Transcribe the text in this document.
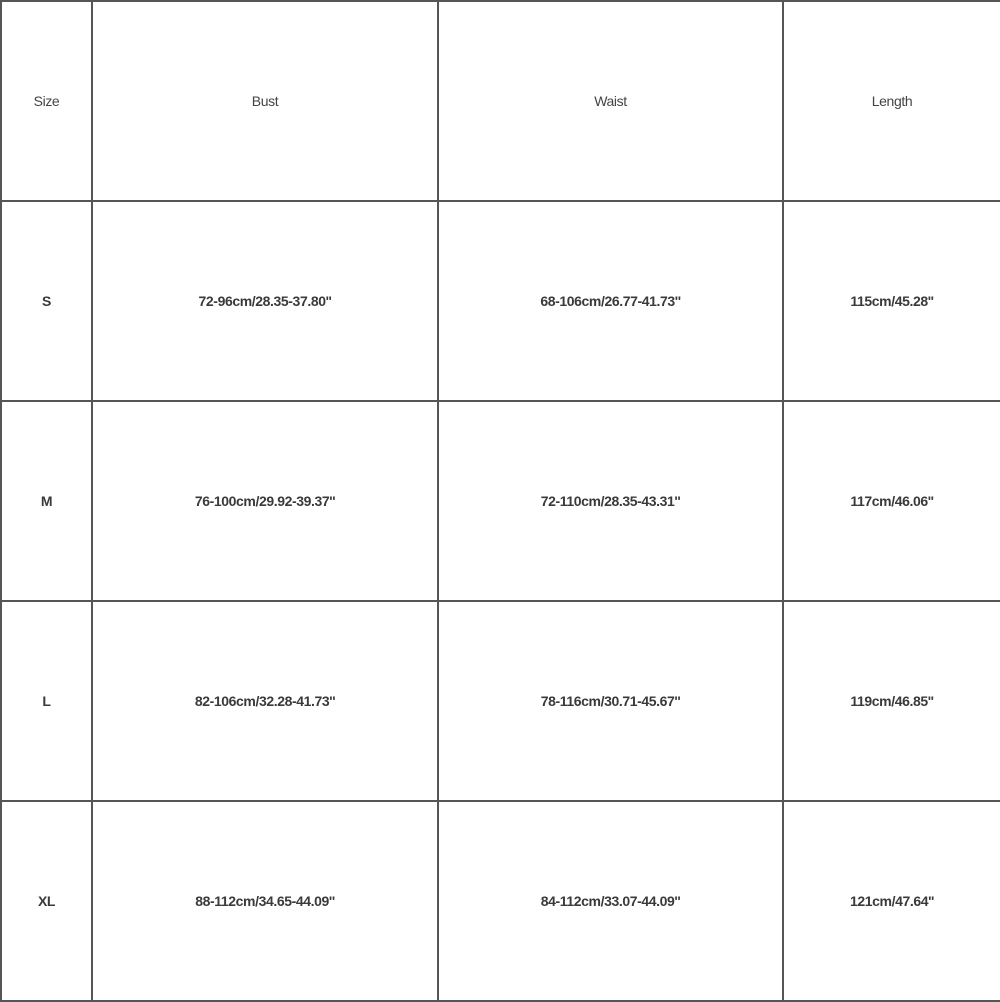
Size	Bust	Waist	Length
S	72-96cm/28.35-37.80''	68-106cm/26.77-41.73''	115cm/45.28''
M	76-100cm/29.92-39.37''	72-110cm/28.35-43.31''	117cm/46.06''
L	82-106cm/32.28-41.73''	78-116cm/30.71-45.67''	119cm/46.85''
XL	88-112cm/34.65-44.09''	84-112cm/33.07-44.09''	121cm/47.64''
